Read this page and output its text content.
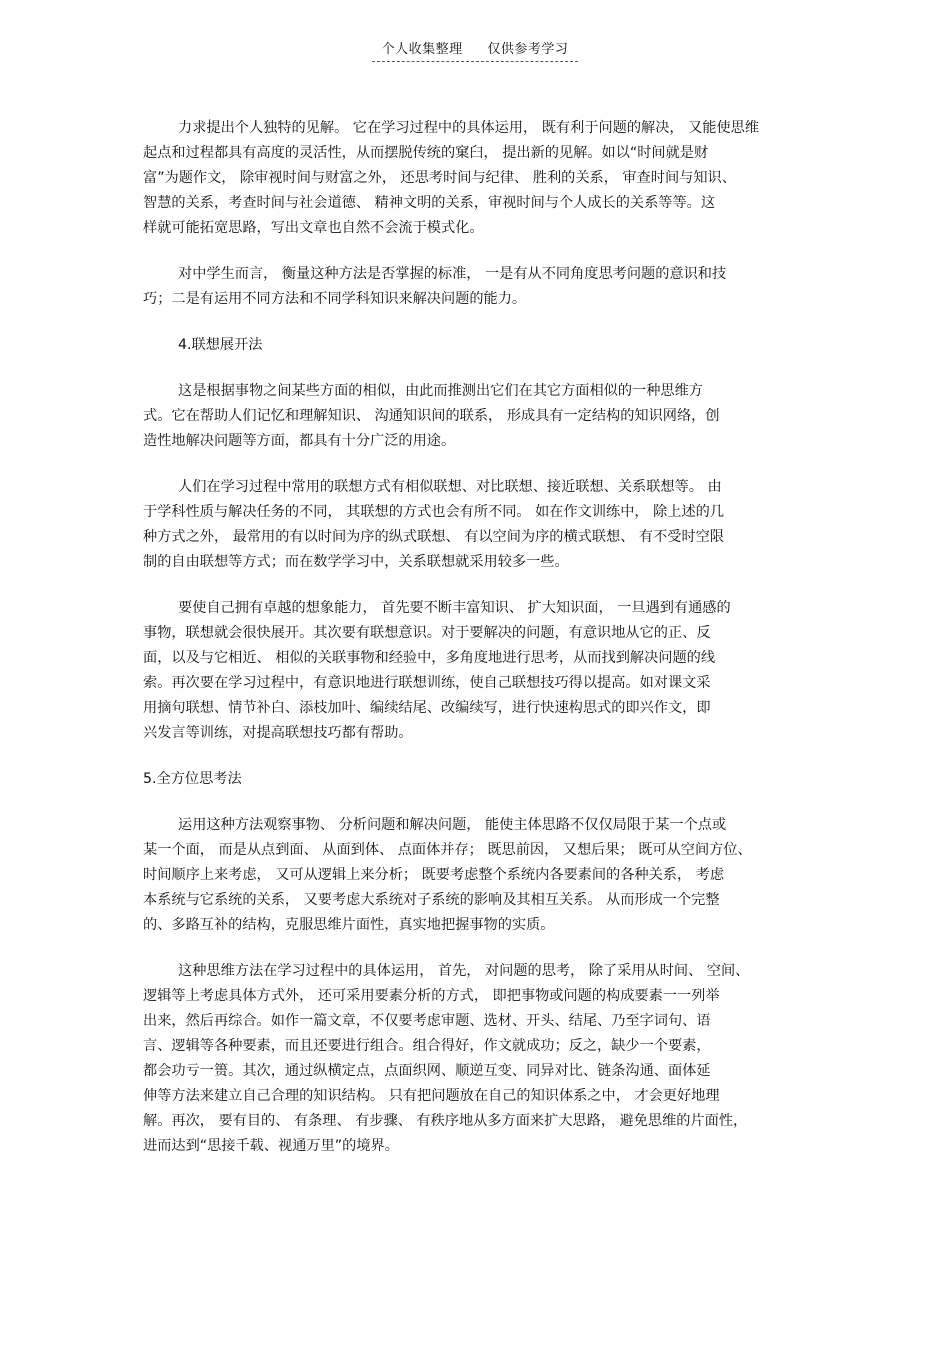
个人收集整理 仅供参考学习
力求提出个人独特的见解。 它在学习过程中的具体运用， 既有利于问题的解决， 又能使思维
起点和过程都具有高度的灵活性，从而摆脱传统的窠臼， 提出新的见解。如以“时间就是财
富”为题作文， 除审视时间与财富之外， 还思考时间与纪律、 胜利的关系， 审查时间与知识、
智慧的关系，考查时间与社会道德、 精神文明的关系，审视时间与个人成长的关系等等。这
样就可能拓宽思路，写出文章也自然不会流于模式化。
对中学生而言， 衡量这种方法是否掌握的标准， 一是有从不同角度思考问题的意识和技
巧；二是有运用不同方法和不同学科知识来解决问题的能力。
4.联想展开法
这是根据事物之间某些方面的相似，由此而推测出它们在其它方面相似的一种思维方
式。它在帮助人们记忆和理解知识、 沟通知识间的联系， 形成具有一定结构的知识网络，创
造性地解决问题等方面，都具有十分广泛的用途。
人们在学习过程中常用的联想方式有相似联想、对比联想、接近联想、关系联想等。 由
于学科性质与解决任务的不同， 其联想的方式也会有所不同。 如在作文训练中， 除上述的几
种方式之外， 最常用的有以时间为序的纵式联想、 有以空间为序的横式联想、 有不受时空限
制的自由联想等方式；而在数学学习中，关系联想就采用较多一些。
要使自己拥有卓越的想象能力， 首先要不断丰富知识、 扩大知识面， 一旦遇到有通感的
事物，联想就会很快展开。其次要有联想意识。对于要解决的问题，有意识地从它的正、反
面，以及与它相近、 相似的关联事物和经验中，多角度地进行思考，从而找到解决问题的线
索。再次要在学习过程中，有意识地进行联想训练，使自己联想技巧得以提高。如对课文采
用摘句联想、情节补白、添枝加叶、编续结尾、改编续写，进行快速构思式的即兴作文，即
兴发言等训练，对提高联想技巧都有帮助。
5.全方位思考法
运用这种方法观察事物、 分析问题和解决问题， 能使主体思路不仅仅局限于某一个点或
某一个面， 而是从点到面、 从面到体、 点面体并存； 既思前因， 又想后果； 既可从空间方位、
时间顺序上来考虑， 又可从逻辑上来分析； 既要考虑整个系统内各要素间的各种关系， 考虑
本系统与它系统的关系， 又要考虑大系统对子系统的影响及其相互关系。 从而形成一个完整
的、多路互补的结构，克服思维片面性，真实地把握事物的实质。
这种思维方法在学习过程中的具体运用， 首先， 对问题的思考， 除了采用从时间、 空间、
逻辑等上考虑具体方式外， 还可采用要素分析的方式， 即把事物或问题的构成要素一一列举
出来，然后再综合。如作一篇文章，不仅要考虑审题、选材、开头、结尾、乃至字词句、语
言、逻辑等各种要素，而且还要进行组合。组合得好，作文就成功；反之，缺少一个要素，
都会功亏一篑。其次，通过纵横定点，点面织网、顺逆互变、同异对比、链条沟通、面体延
伸等方法来建立自己合理的知识结构。 只有把问题放在自己的知识体系之中， 才会更好地理
解。再次， 要有目的、 有条理、 有步骤、 有秩序地从多方面来扩大思路， 避免思维的片面性，
进而达到“思接千载、视通万里”的境界。
